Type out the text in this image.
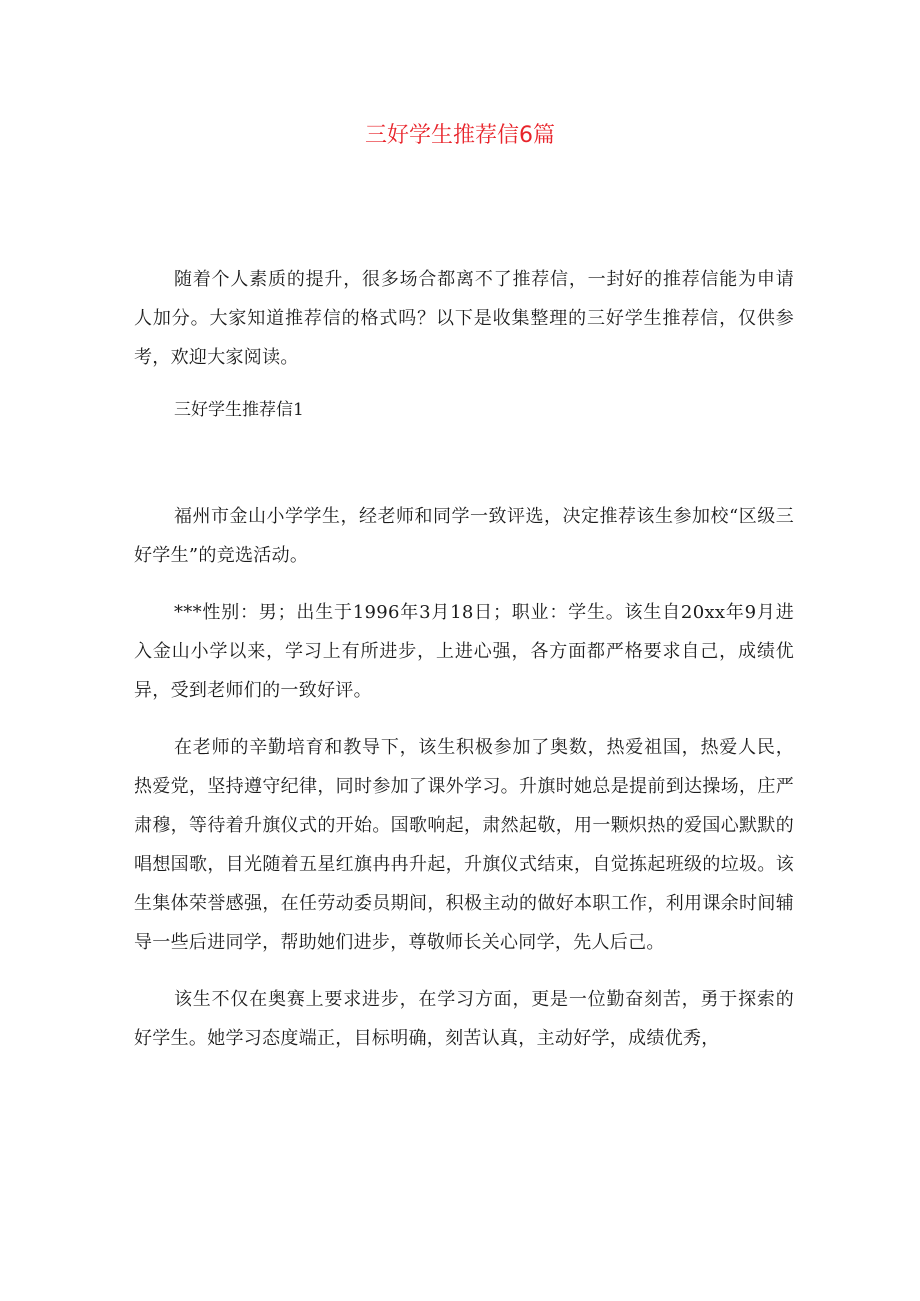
三好学生推荐信6篇

随着个人素质的提升，很多场合都离不了推荐信，一封好的推荐信能为申请人加分。大家知道推荐信的格式吗？以下是收集整理的三好学生推荐信，仅供参考，欢迎大家阅读。

三好学生推荐信1

福州市金山小学学生，经老师和同学一致评选，决定推荐该生参加校“区级三好学生”的竞选活动。

***性别：男；出生于1996年3月18日；职业：学生。该生自20xx年9月进入金山小学以来，学习上有所进步，上进心强，各方面都严格要求自己，成绩优异，受到老师们的一致好评。

在老师的辛勤培育和教导下，该生积极参加了奥数，热爱祖国，热爱人民，热爱党，坚持遵守纪律，同时参加了课外学习。升旗时她总是提前到达操场，庄严肃穆，等待着升旗仪式的开始。国歌响起，肃然起敬，用一颗炽热的爱国心默默的唱想国歌，目光随着五星红旗冉冉升起，升旗仪式结束，自觉拣起班级的垃圾。该生集体荣誉感强，在任劳动委员期间，积极主动的做好本职工作，利用课余时间辅导一些后进同学，帮助她们进步，尊敬师长关心同学，先人后己。

该生不仅在奥赛上要求进步，在学习方面，更是一位勤奋刻苦，勇于探索的好学生。她学习态度端正，目标明确，刻苦认真，主动好学，成绩优秀，
